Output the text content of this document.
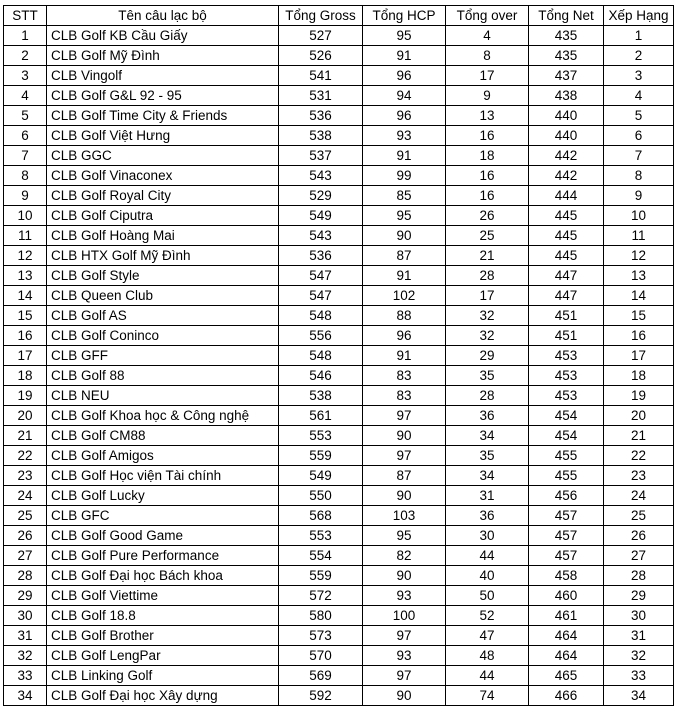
STT	Tên câu lạc bộ	Tổng Gross	Tổng HCP	Tổng over	Tổng Net	Xếp Hạng
1	CLB Golf KB Cầu Giấy	527	95	4	435	1
2	CLB Golf Mỹ Đình	526	91	8	435	2
3	CLB Vingolf	541	96	17	437	3
4	CLB Golf G&L 92 - 95	531	94	9	438	4
5	CLB Golf Time City & Friends	536	96	13	440	5
6	CLB Golf Việt Hưng	538	93	16	440	6
7	CLB GGC	537	91	18	442	7
8	CLB Golf Vinaconex	543	99	16	442	8
9	CLB Golf Royal City	529	85	16	444	9
10	CLB Golf Ciputra	549	95	26	445	10
11	CLB Golf Hoàng Mai	543	90	25	445	11
12	CLB HTX Golf Mỹ Đình	536	87	21	445	12
13	CLB Golf Style	547	91	28	447	13
14	CLB Queen Club	547	102	17	447	14
15	CLB Golf AS	548	88	32	451	15
16	CLB Golf Coninco	556	96	32	451	16
17	CLB GFF	548	91	29	453	17
18	CLB Golf 88	546	83	35	453	18
19	CLB NEU	538	83	28	453	19
20	CLB Golf Khoa học & Công nghệ	561	97	36	454	20
21	CLB Golf CM88	553	90	34	454	21
22	CLB Golf Amigos	559	97	35	455	22
23	CLB Golf Học viện Tài chính	549	87	34	455	23
24	CLB Golf Lucky	550	90	31	456	24
25	CLB GFC	568	103	36	457	25
26	CLB Golf Good Game	553	95	30	457	26
27	CLB Golf Pure Performance	554	82	44	457	27
28	CLB Golf Đại học Bách khoa	559	90	40	458	28
29	CLB Golf Viettime	572	93	50	460	29
30	CLB Golf 18.8	580	100	52	461	30
31	CLB Golf Brother	573	97	47	464	31
32	CLB Golf LengPar	570	93	48	464	32
33	CLB Linking Golf	569	97	44	465	33
34	CLB Golf Đại học Xây dựng	592	90	74	466	34
